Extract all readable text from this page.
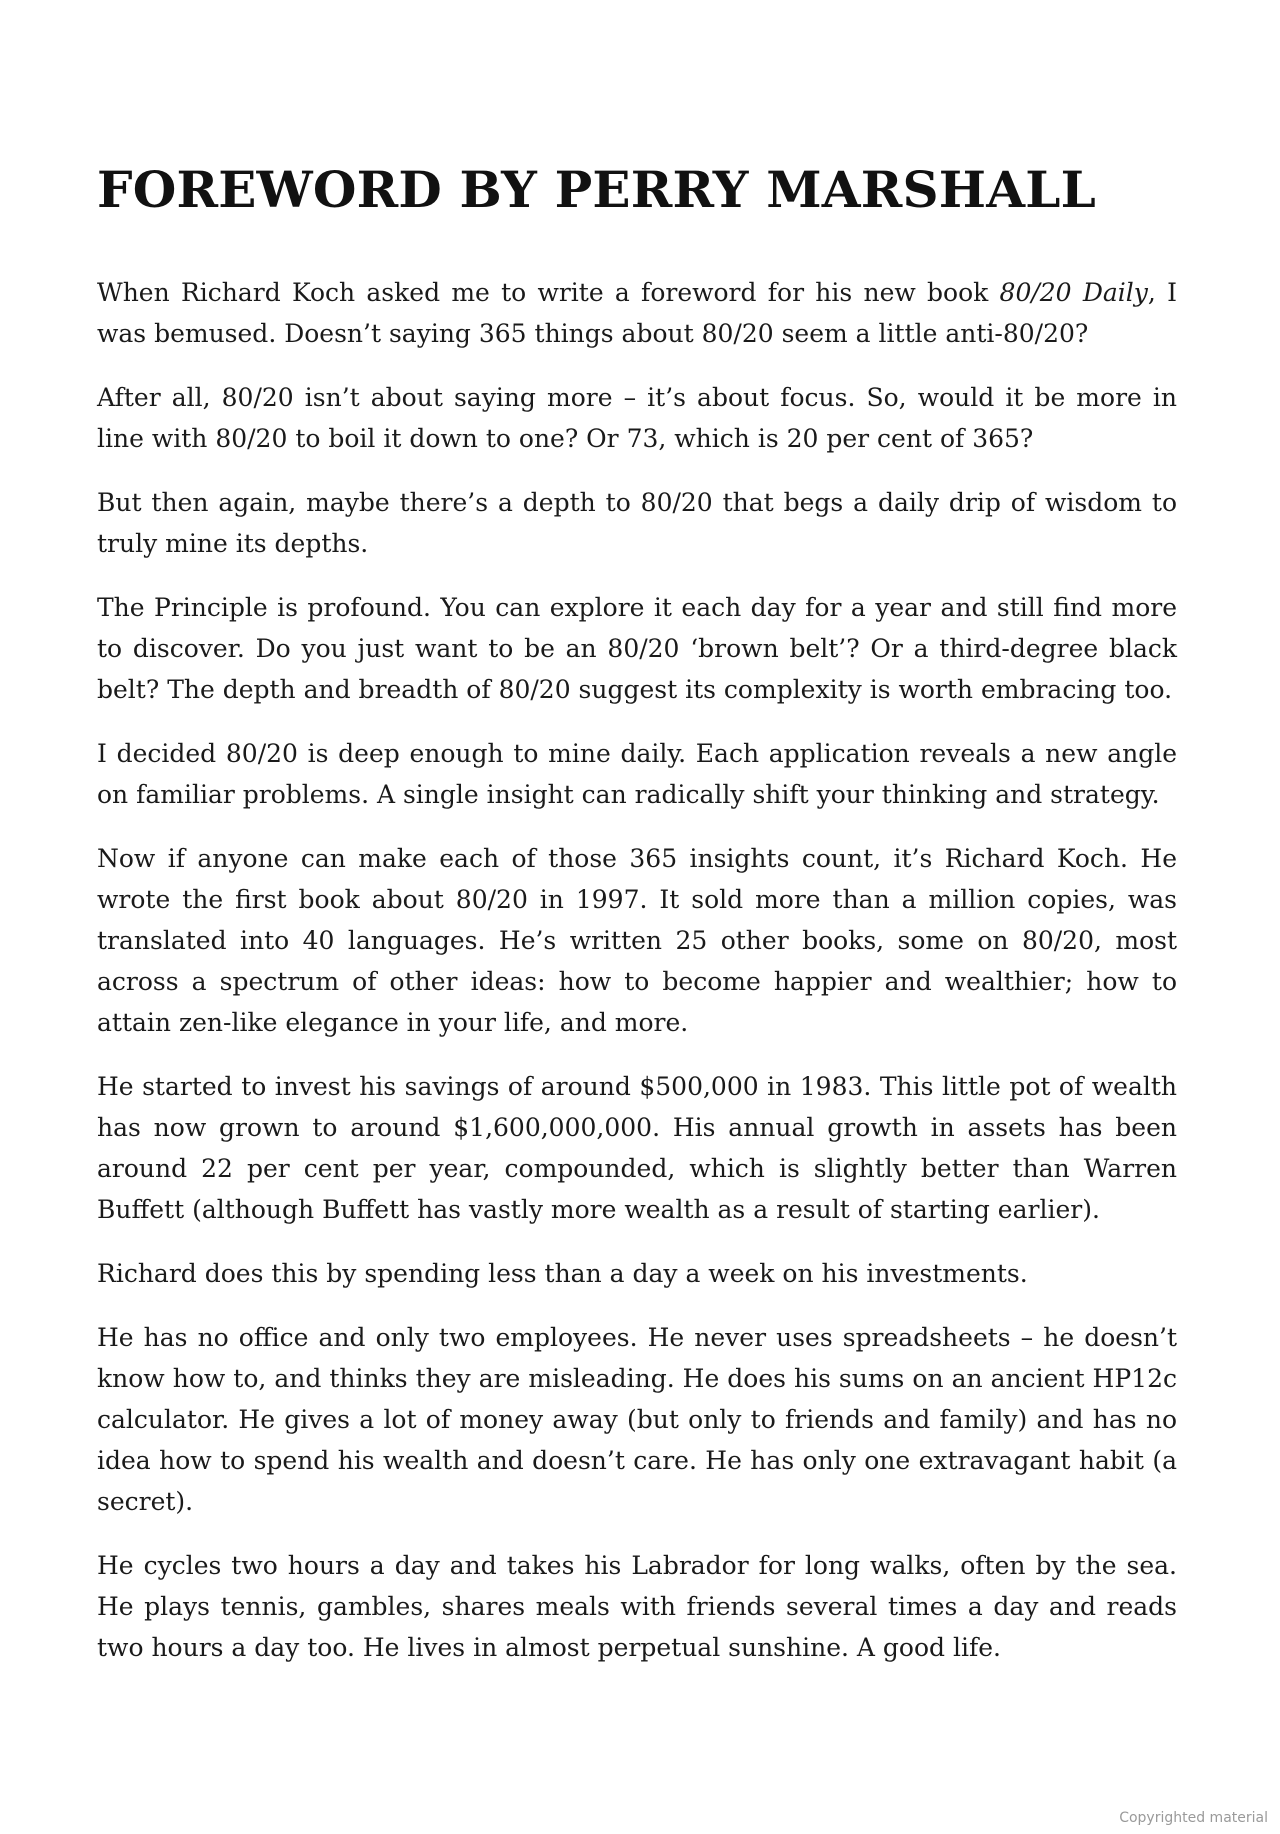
FOREWORD BY PERRY MARSHALL

When Richard Koch asked me to write a foreword for his new book 80/20 Daily, I was bemused. Doesn’t saying 365 things about 80/20 seem a little anti-80/20?

After all, 80/20 isn’t about saying more – it’s about focus. So, would it be more in line with 80/20 to boil it down to one? Or 73, which is 20 per cent of 365?

But then again, maybe there’s a depth to 80/20 that begs a daily drip of wisdom to truly mine its depths.

The Principle is profound. You can explore it each day for a year and still find more to discover. Do you just want to be an 80/20 ‘brown belt’? Or a third-degree black belt? The depth and breadth of 80/20 suggest its complexity is worth embracing too.

I decided 80/20 is deep enough to mine daily. Each application reveals a new angle on familiar problems. A single insight can radically shift your thinking and strategy.

Now if anyone can make each of those 365 insights count, it’s Richard Koch. He wrote the first book about 80/20 in 1997. It sold more than a million copies, was translated into 40 languages. He’s written 25 other books, some on 80/20, most across a spectrum of other ideas: how to become happier and wealthier; how to attain zen-like elegance in your life, and more.

He started to invest his savings of around $500,000 in 1983. This little pot of wealth has now grown to around $1,600,000,000. His annual growth in assets has been around 22 per cent per year, compounded, which is slightly better than Warren Buffett (although Buffett has vastly more wealth as a result of starting earlier).

Richard does this by spending less than a day a week on his investments.

He has no office and only two employees. He never uses spreadsheets – he doesn’t know how to, and thinks they are misleading. He does his sums on an ancient HP12c calculator. He gives a lot of money away (but only to friends and family) and has no idea how to spend his wealth and doesn’t care. He has only one extravagant habit (a secret).

He cycles two hours a day and takes his Labrador for long walks, often by the sea. He plays tennis, gambles, shares meals with friends several times a day and reads two hours a day too. He lives in almost perpetual sunshine. A good life.

Copyrighted material
